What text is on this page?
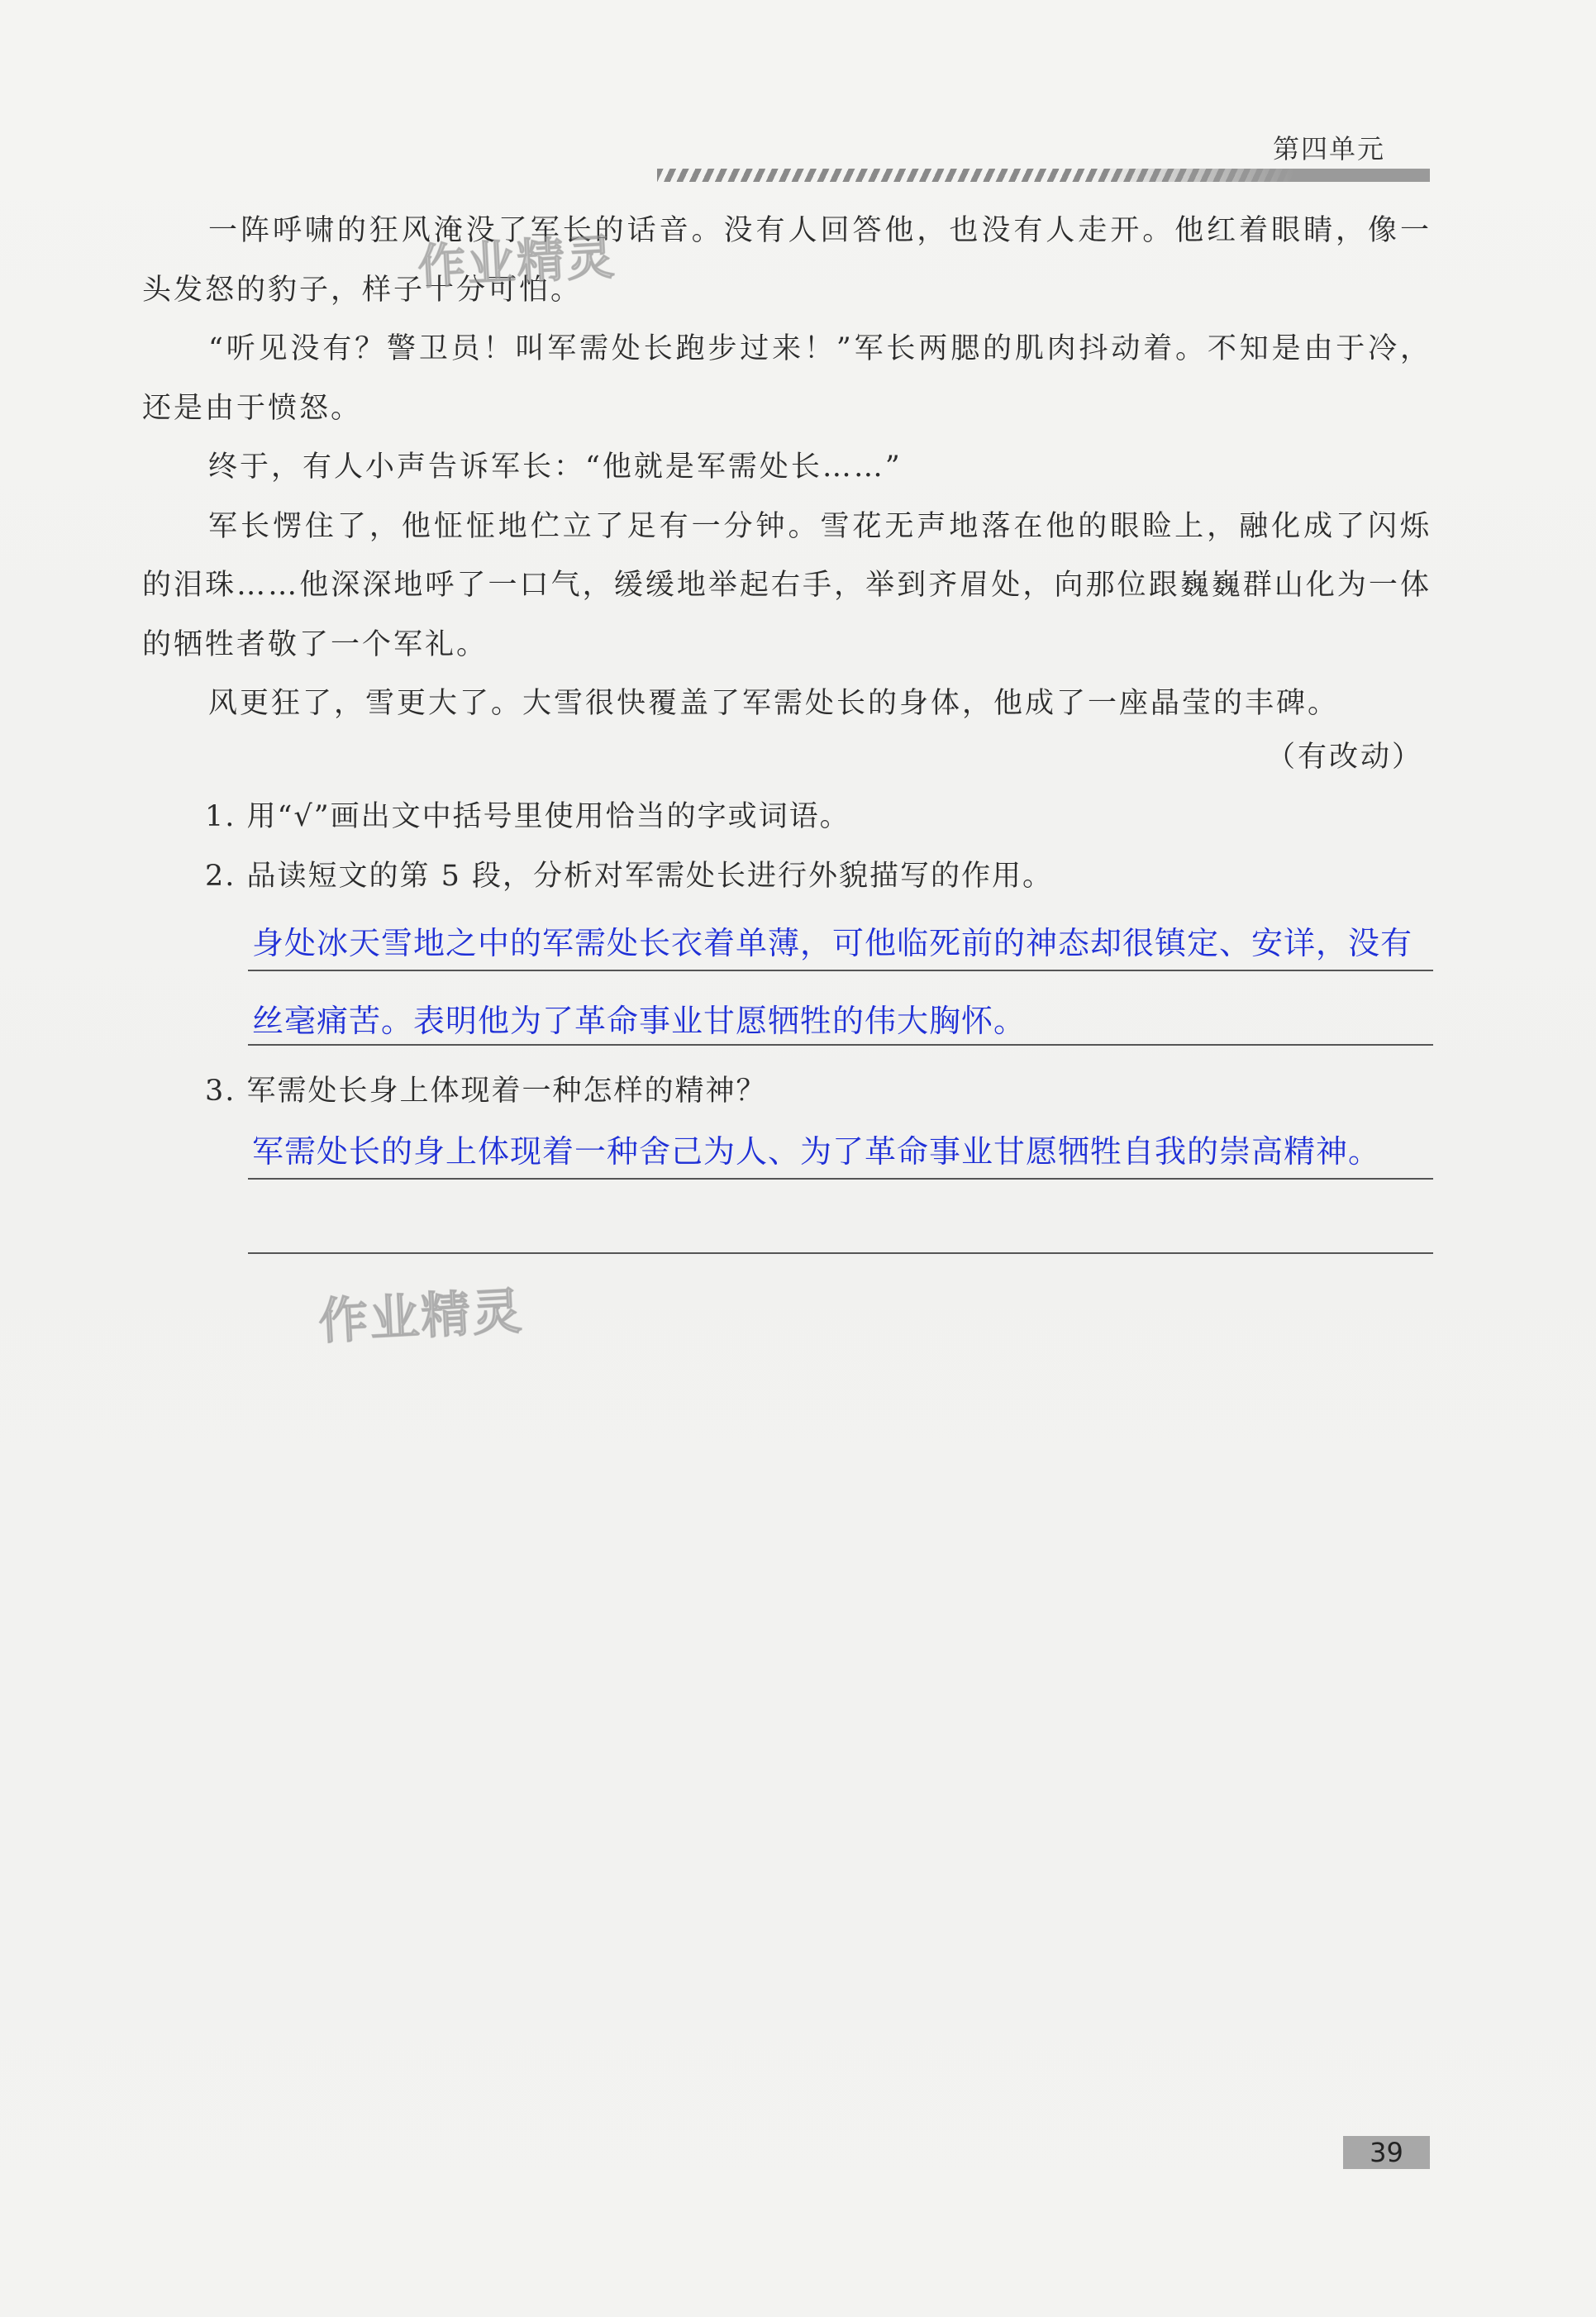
第四单元

一阵呼啸的狂风淹没了军长的话音。没有人回答他，也没有人走开。他红着眼睛，像一头发怒的豹子，样子十分可怕。

“听见没有？警卫员！叫军需处长跑步过来！”军长两腮的肌肉抖动着。不知是由于冷，还是由于愤怒。

终于，有人小声告诉军长：“他就是军需处长……”

军长愣住了，他怔怔地伫立了足有一分钟。雪花无声地落在他的眼睑上，融化成了闪烁的泪珠……他深深地呼了一口气，缓缓地举起右手，举到齐眉处，向那位跟巍巍群山化为一体的牺牲者敬了一个军礼。

风更狂了，雪更大了。大雪很快覆盖了军需处长的身体，他成了一座晶莹的丰碑。

（有改动）
1. 用“√”画出文中括号里使用恰当的字或词语。
2. 品读短文的第 5 段，分析对军需处长进行外貌描写的作用。
身处冰天雪地之中的军需处长衣着单薄，可他临死前的神态却很镇定、安详，没有
丝毫痛苦。表明他为了革命事业甘愿牺牲的伟大胸怀。
3. 军需处长身上体现着一种怎样的精神？
军需处长的身上体现着一种舍己为人、为了革命事业甘愿牺牲自我的崇高精神。
作业精灵
作业精灵
39
